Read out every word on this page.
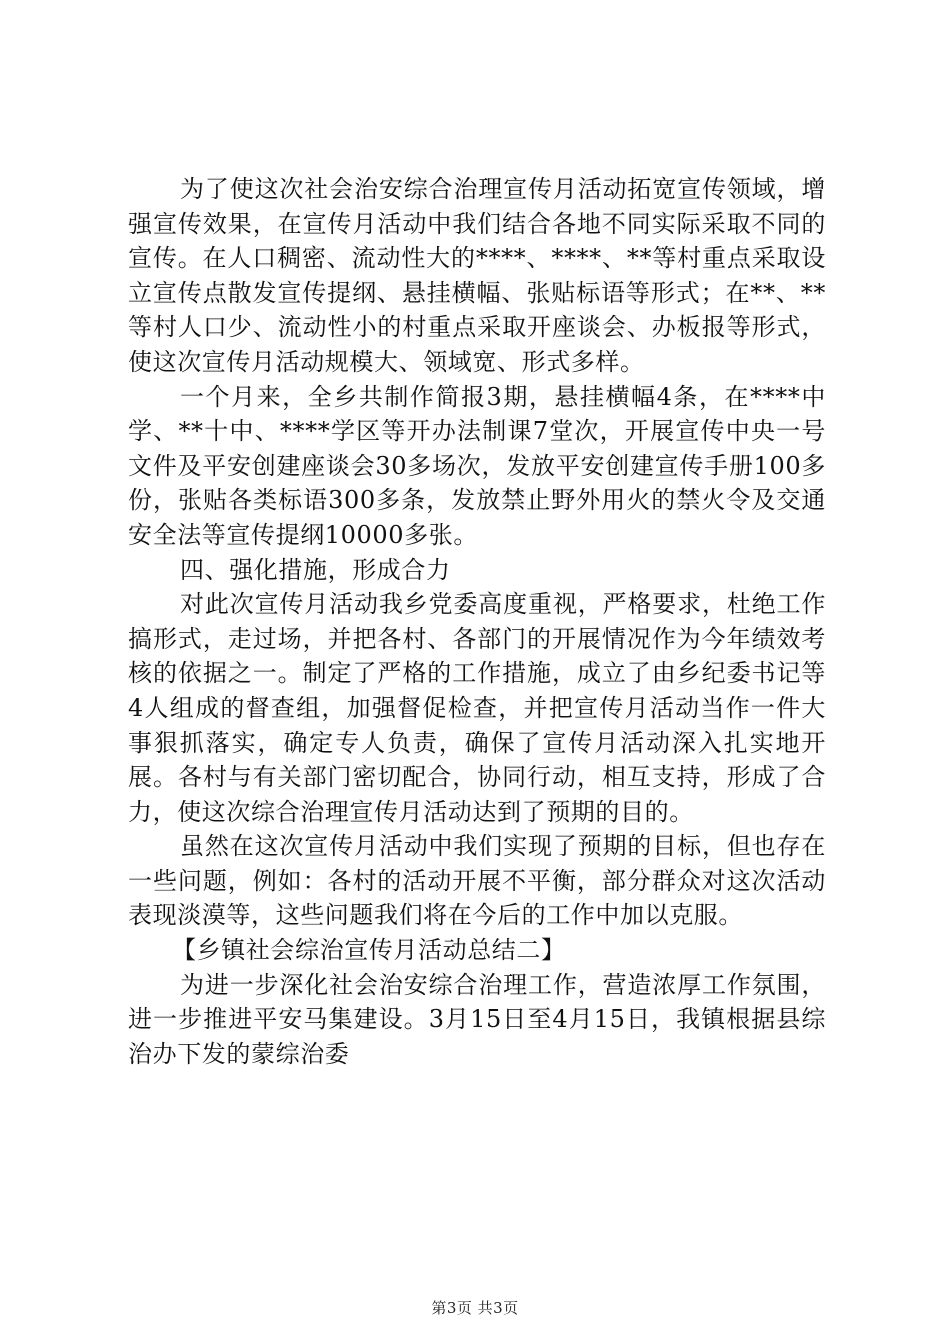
为了使这次社会治安综合治理宣传月活动拓宽宣传领域，增强宣传效果，在宣传月活动中我们结合各地不同实际采取不同的宣传。在人口稠密、流动性大的****、****、**等村重点采取设立宣传点散发宣传提纲、悬挂横幅、张贴标语等形式；在**、**等村人口少、流动性小的村重点采取开座谈会、办板报等形式，使这次宣传月活动规模大、领域宽、形式多样。

一个月来，全乡共制作简报3期，悬挂横幅4条，在****中学、**十中、****学区等开办法制课7堂次，开展宣传中央一号文件及平安创建座谈会30多场次，发放平安创建宣传手册100多份，张贴各类标语300多条，发放禁止野外用火的禁火令及交通安全法等宣传提纲10000多张。

四、强化措施，形成合力

对此次宣传月活动我乡党委高度重视，严格要求，杜绝工作搞形式，走过场，并把各村、各部门的开展情况作为今年绩效考核的依据之一。制定了严格的工作措施，成立了由乡纪委书记等4人组成的督查组，加强督促检查，并把宣传月活动当作一件大事狠抓落实，确定专人负责，确保了宣传月活动深入扎实地开展。各村与有关部门密切配合，协同行动，相互支持，形成了合力，使这次综合治理宣传月活动达到了预期的目的。

虽然在这次宣传月活动中我们实现了预期的目标，但也存在一些问题，例如：各村的活动开展不平衡，部分群众对这次活动表现淡漠等，这些问题我们将在今后的工作中加以克服。

【乡镇社会综治宣传月活动总结二】

为进一步深化社会治安综合治理工作，营造浓厚工作氛围，进一步推进平安马集建设。3月15日至4月15日，我镇根据县综治办下发的蒙综治委

第3页 共3页
